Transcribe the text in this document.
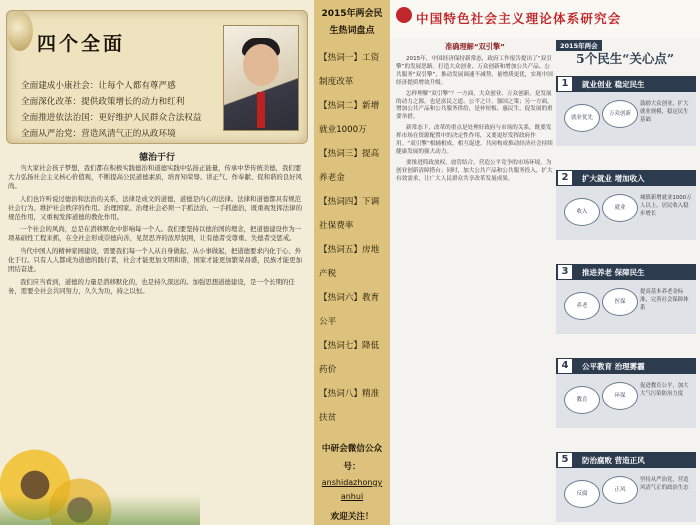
四个全面
全面建成小康社会：让每个人都有尊严感
全面深化改革：提供政策增长的动力和红利
全面推进依法治国：更好维护人民群众合法权益
全面从严治党：营造风清气正的从政环境
德治于行

当大家社会孩子梦想，我们都在积极实践德治和道德实践中弘扬正能量，传承中华传统美德，我们要大力弘扬社会主义核心价值观，不断提高公民道德素质，培育知荣辱、讲正气、作奉献、促和谐的良好风尚。

人们也许听说过德治和法治的关系，法律是成文的道德，道德是内心的法律。法律和道德都具有规范社会行为、维护社会秩序的作用。治理国家、治理社会必须一手抓法治、一手抓德治，既重视发挥法律的规范作用，又重视发挥道德的教化作用。

一个社会的风尚，总是在潜移默化中影响每一个人。我们要坚持以德治国的理念，把道德建设作为一项基础性工程来抓，在全社会形成崇德向善、见贤思齐的浓厚氛围，让有德者受尊重、失德者受惩戒。

当代中国人的精神家园建设，需要我们每一个人从自身做起、从小事做起，把道德要求内化于心、外化于行。只有人人都成为道德的践行者，社会才能更加文明和谐，国家才能更加繁荣昌盛，民族才能更加团结奋进。

我们应当看到，道德的力量是潜移默化的，也是持久深远的。加强思想道德建设，是一个长期的任务，需要全社会共同努力，久久为功，持之以恒。

2015年两会民生热词盘点
【热词一】工资制度改革
【热词二】新增就业1000万
【热词三】提高养老金
【热词四】下调社保费率
【热词五】房地产税
【热词六】教育公平
【热词七】降低药价
【热词八】精准扶贫
中研会微信公众号：
anshidazhongy anhui
欢迎关注！
中国特色社会主义理论体系研究会
准确理解“双引擎”

2015年，中国经济保持新常态，政府工作报告提出了“双引擎”的发展思路。打造大众创业、万众创新和增加公共产品、公共服务“双引擎”，推动发展调速不减势、量增质更优，实现中国经济提质增效升级。

怎样理解“双引擎”？一方面，大众创业、万众创新，是发展的动力之源，也是富民之道、公平之计、强国之策；另一方面，增加公共产品和公共服务供给，是补短板、惠民生、促发展的重要举措。

新常态下，改革的重点是处理好政府与市场的关系，既要发挥市场在资源配置中的决定性作用，又要更好发挥政府作用。“双引擎”相辅相成、相互促进，共同构成推动经济社会持续健康发展的强大动力。

要推进简政放权、放管结合，营造公平竞争的市场环境，为创业创新清障搭台；同时，加大公共产品和公共服务投入，扩大有效需求，让广大人民群众共享改革发展成果。

2015年两会
5个民生“关心点”
1	就业创业 稳定民生
就业优先
万众创新
鼓励大众创业，扩大就业规模，稳定民生基础
2	扩大就业 增加收入
收入
就业
城镇新增就业1000万人以上，居民收入稳步增长
3	推进养老 保障民生
养老
医保
提高基本养老金标准，完善社会保障体系
4	公平教育 治理雾霾
教育
环保
促进教育公平，加大大气污染防治力度
5	防治腐败 营造正风
反腐
正风
坚持从严治党，营造风清气正的政治生态
